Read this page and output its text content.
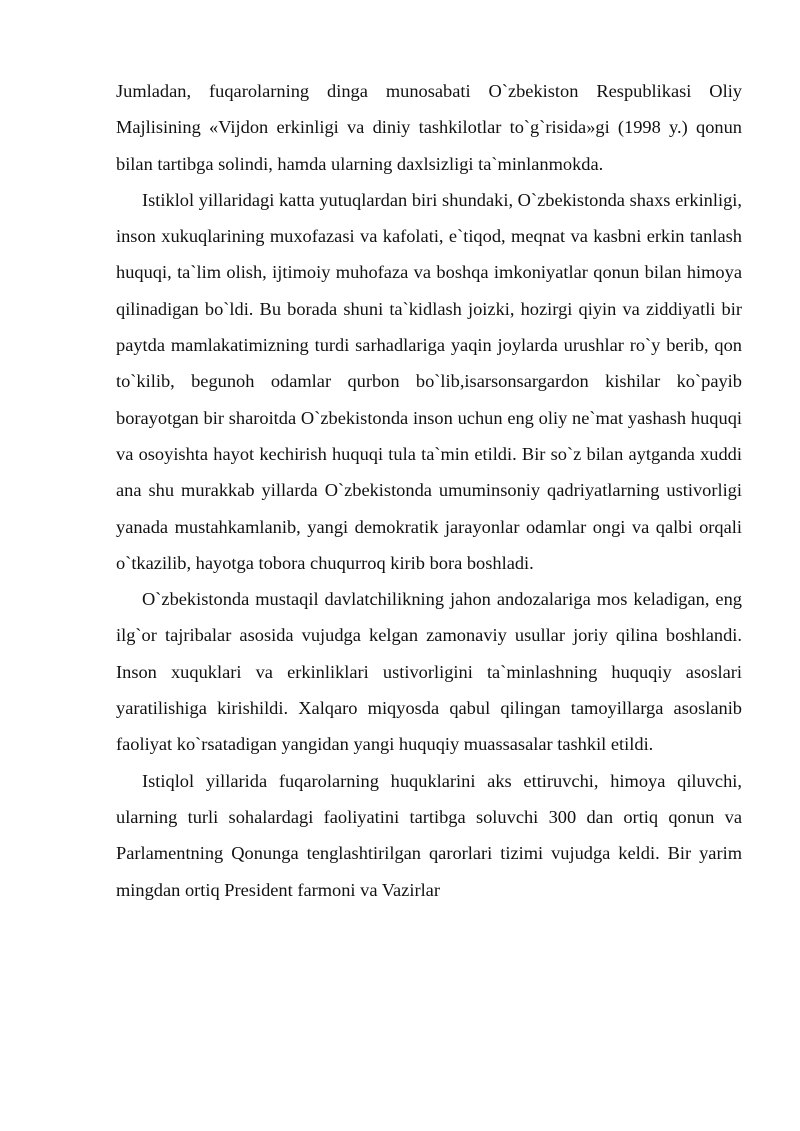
Jumladan, fuqarolarning dinga munosabati O`zbekiston Respublikasi Oliy Majlisining «Vijdon erkinligi va diniy tashkilotlar to`g`risida»gi (1998 y.) qonun bilan tartibga solindi, hamda ularning daxlsizligi ta`minlanmokda.

Istiklol yillaridagi katta yutuqlardan biri shundaki, O`zbekistonda shaxs erkinligi, inson xukuqlarining muxofazasi va kafolati, e`tiqod, meqnat va kasbni erkin tanlash huquqi, ta`lim olish, ijtimoiy muhofaza va boshqa imkoniyatlar qonun bilan himoya qilinadigan bo`ldi. Bu borada shuni ta`kidlash joizki, hozirgi qiyin va ziddiyatli bir paytda mamlakatimizning turdi sarhadlariga yaqin joylarda urushlar ro`y berib, qon to`kilib, begunoh odamlar qurbon bo`lib,isarsonsargardon kishilar ko`payib borayotgan bir sharoitda O`zbekistonda inson uchun eng oliy ne`mat yashash huquqi va osoyishta hayot kechirish huquqi tula ta`min etildi. Bir so`z bilan aytganda xuddi ana shu murakkab yillarda O`zbekistonda umuminsoniy qadriyatlarning ustivorligi yanada mustahkamlanib, yangi demokratik jarayonlar odamlar ongi va qalbi orqali o`tkazilib, hayotga tobora chuqurroq kirib bora boshladi.

O`zbekistonda mustaqil davlatchilikning jahon andozalariga mos keladigan, eng ilg`or tajribalar asosida vujudga kelgan zamonaviy usullar joriy qilina boshlandi. Inson xuquklari va erkinliklari ustivorligini ta`minlashning huquqiy asoslari yaratilishiga kirishildi. Xalqaro miqyosda qabul qilingan tamoyillarga asoslanib faoliyat ko`rsatadigan yangidan yangi huquqiy muassasalar tashkil etildi.

Istiqlol yillarida fuqarolarning huquklarini aks ettiruvchi, himoya qiluvchi, ularning turli sohalardagi faoliyatini tartibga soluvchi 300 dan ortiq qonun va Parlamentning Qonunga tenglashtirilgan qarorlari tizimi vujudga keldi. Bir yarim mingdan ortiq President farmoni va Vazirlar
